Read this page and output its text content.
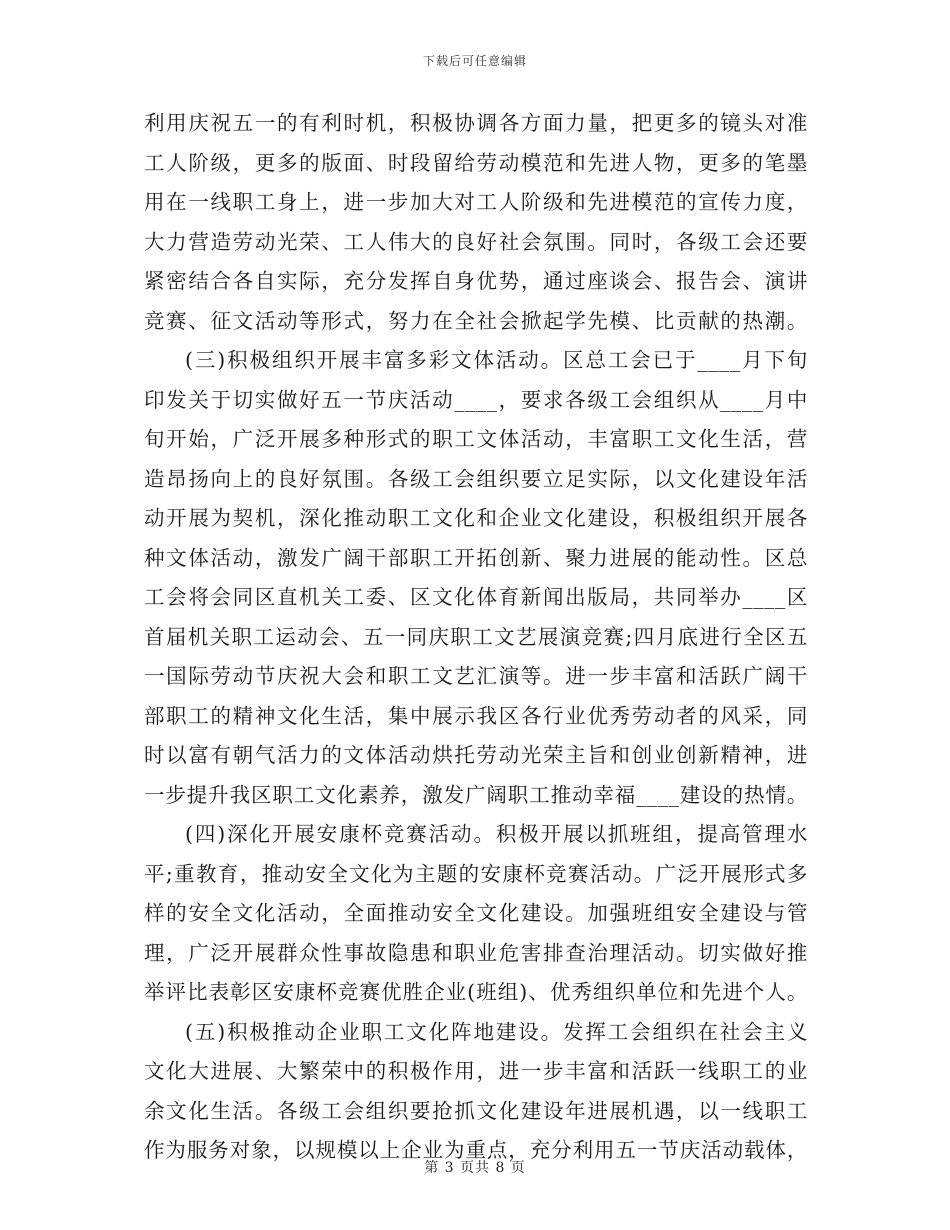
下载后可任意编辑
利用庆祝五一的有利时机，积极协调各方面力量，把更多的镜头对准
工人阶级，更多的版面、时段留给劳动模范和先进人物，更多的笔墨
用在一线职工身上，进一步加大对工人阶级和先进模范的宣传力度，
大力营造劳动光荣、工人伟大的良好社会氛围。同时，各级工会还要
紧密结合各自实际，充分发挥自身优势，通过座谈会、报告会、演讲
竞赛、征文活动等形式，努力在全社会掀起学先模、比贡献的热潮。
(三)积极组织开展丰富多彩文体活动。区总工会已于____月下旬
印发关于切实做好五一节庆活动____，要求各级工会组织从____月中
旬开始，广泛开展多种形式的职工文体活动，丰富职工文化生活，营
造昂扬向上的良好氛围。各级工会组织要立足实际，以文化建设年活
动开展为契机，深化推动职工文化和企业文化建设，积极组织开展各
种文体活动，激发广阔干部职工开拓创新、聚力进展的能动性。区总
工会将会同区直机关工委、区文化体育新闻出版局，共同举办____区
首届机关职工运动会、五一同庆职工文艺展演竞赛;四月底进行全区五
一国际劳动节庆祝大会和职工文艺汇演等。进一步丰富和活跃广阔干
部职工的精神文化生活，集中展示我区各行业优秀劳动者的风采，同
时以富有朝气活力的文体活动烘托劳动光荣主旨和创业创新精神，进
一步提升我区职工文化素养，激发广阔职工推动幸福____建设的热情。
(四)深化开展安康杯竞赛活动。积极开展以抓班组，提高管理水
平;重教育，推动安全文化为主题的安康杯竞赛活动。广泛开展形式多
样的安全文化活动，全面推动安全文化建设。加强班组安全建设与管
理，广泛开展群众性事故隐患和职业危害排查治理活动。切实做好推
举评比表彰区安康杯竞赛优胜企业(班组)、优秀组织单位和先进个人。
(五)积极推动企业职工文化阵地建设。发挥工会组织在社会主义
文化大进展、大繁荣中的积极作用，进一步丰富和活跃一线职工的业
余文化生活。各级工会组织要抢抓文化建设年进展机遇，以一线职工
作为服务对象，以规模以上企业为重点，充分利用五一节庆活动载体，
第 3 页共 8 页
